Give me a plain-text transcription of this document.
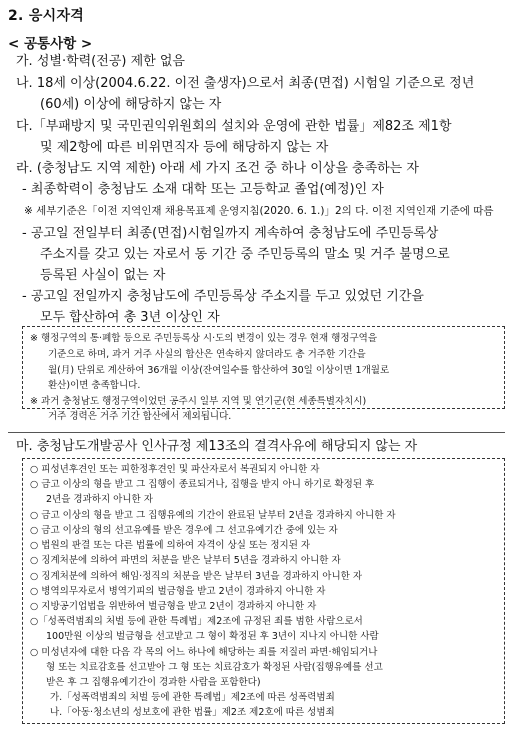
2. 응시자격
< 공통사항 >
가. 성별·학력(전공) 제한 없음
나. 18세 이상(2004.6.22. 이전 출생자)으로서 최종(면접) 시험일 기준으로 정년
(60세) 이상에 해당하지 않는 자
다.「부패방지 및 국민권익위원회의 설치와 운영에 관한 법률」제82조 제1항
및 제2항에 따른 비위면직자 등에 해당하지 않는 자
라. (충청남도 지역 제한) 아래 세 가지 조건 중 하나 이상을 충족하는 자
- 최종학력이 충청남도 소재 대학 또는 고등학교 졸업(예정)인 자
※ 세부기준은「이전 지역인재 채용목표제 운영지침(2020. 6. 1.)」2의 다. 이전 지역인재 기준에 따름
- 공고일 전일부터 최종(면접)시험일까지 계속하여 충청남도에 주민등록상
주소지를 갖고 있는 자로서 동 기간 중 주민등록의 말소 및 거주 불명으로
등록된 사실이 없는 자
- 공고일 전일까지 충청남도에 주민등록상 주소지를 두고 있었던 기간을
모두 합산하여 총 3년 이상인 자
※ 행정구역의 통·폐합 등으로 주민등록상 시·도의 변경이 있는 경우 현재 행정구역을
기준으로 하며, 과거 거주 사실의 합산은 연속하지 않더라도 총 거주한 기간을
월(月) 단위로 계산하여 36개월 이상(잔여일수를 합산하여 30일 이상이면 1개월로
환산)이면 충족합니다.
※ 과거 충청남도 행정구역이었던 공주시 일부 지역 및 연기군(현 세종특별자치시)
거주 경력은 거주 기간 합산에서 제외됩니다.
마. 충청남도개발공사 인사규정 제13조의 결격사유에 해당되지 않는 자
○ 피성년후견인 또는 피한정후견인 및 파산자로서 복권되지 아니한 자
○ 금고 이상의 형을 받고 그 집행이 종료되거나, 집행을 받지 아니 하기로 확정된 후
2년을 경과하지 아니한 자
○ 금고 이상의 형을 받고 그 집행유예의 기간이 완료된 날부터 2년을 경과하지 아니한 자
○ 금고 이상의 형의 선고유예를 받은 경우에 그 선고유예기간 중에 있는 자
○ 법원의 판결 또는 다른 법률에 의하여 자격이 상실 또는 정지된 자
○ 징계처분에 의하여 파면의 처분을 받은 날부터 5년을 경과하지 아니한 자
○ 징계처분에 의하여 해임·정직의 처분을 받은 날부터 3년을 경과하지 아니한 자
○ 병역의무자로서 병역기피의 벌금형을 받고 2년이 경과하지 아니한 자
○ 지방공기업법을 위반하여 벌금형을 받고 2년이 경과하지 아니한 자
○「성폭력범죄의 처벌 등에 관한 특례법」제2조에 규정된 죄를 범한 사람으로서
100만원 이상의 벌금형을 선고받고 그 형이 확정된 후 3년이 지나지 아니한 사람
○ 미성년자에 대한 다음 각 목의 어느 하나에 해당하는 죄를 저질러 파면·해임되거나
형 또는 치료감호를 선고받아 그 형 또는 치료감호가 확정된 사람(집행유예를 선고
받은 후 그 집행유예기간이 경과한 사람을 포함한다)
가.「성폭력범죄의 처벌 등에 관한 특례법」제2조에 따른 성폭력범죄
나.「아동·청소년의 성보호에 관한 법률」제2조 제2호에 따른 성범죄
